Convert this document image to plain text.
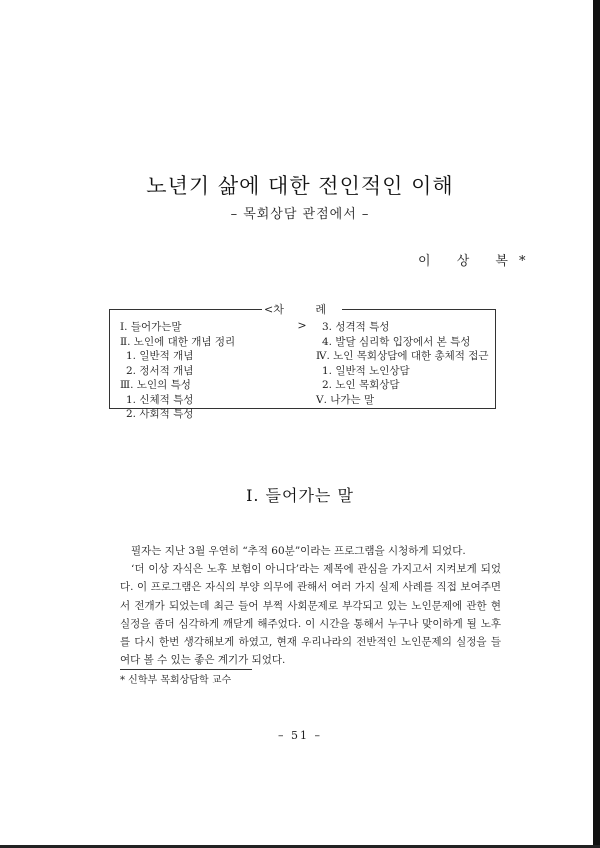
노년기 삶에 대한 전인적인 이해
– 목회상담 관점에서 –
이 상 복*
<차 례>
Ⅰ. 들어가는말
Ⅱ. 노인에 대한 개념 정리
1. 일반적 개념
2. 정서적 개념
Ⅲ. 노인의 특성
1. 신체적 특성
2. 사회적 특성
3. 성격적 특성
4. 발달 심리학 입장에서 본 특성
Ⅳ. 노인 목회상담에 대한 총체적 접근
1. 일반적 노인상담
2. 노인 목회상담
Ⅴ. 나가는 말
Ⅰ. 들어가는 말

필자는 지난 3월 우연히 “추적 60분”이라는 프로그램을 시청하게 되었다.

‘더 이상 자식은 노후 보험이 아니다’라는 제목에 관심을 가지고서 지켜보게 되었다. 이 프로그램은 자식의 부양 의무에 관해서 여러 가지 실제 사례를 직접 보여주면서 전개가 되었는데 최근 들어 부쩍 사회문제로 부각되고 있는 노인문제에 관한 현 실정을 좀더 심각하게 깨닫게 해주었다. 이 시간을 통해서 누구나 맞이하게 될 노후를 다시 한번 생각해보게 하였고, 현재 우리나라의 전반적인 노인문제의 실정을 들여다 볼 수 있는 좋은 계기가 되었다.

* 신학부 목회상담학 교수
– 51 –
